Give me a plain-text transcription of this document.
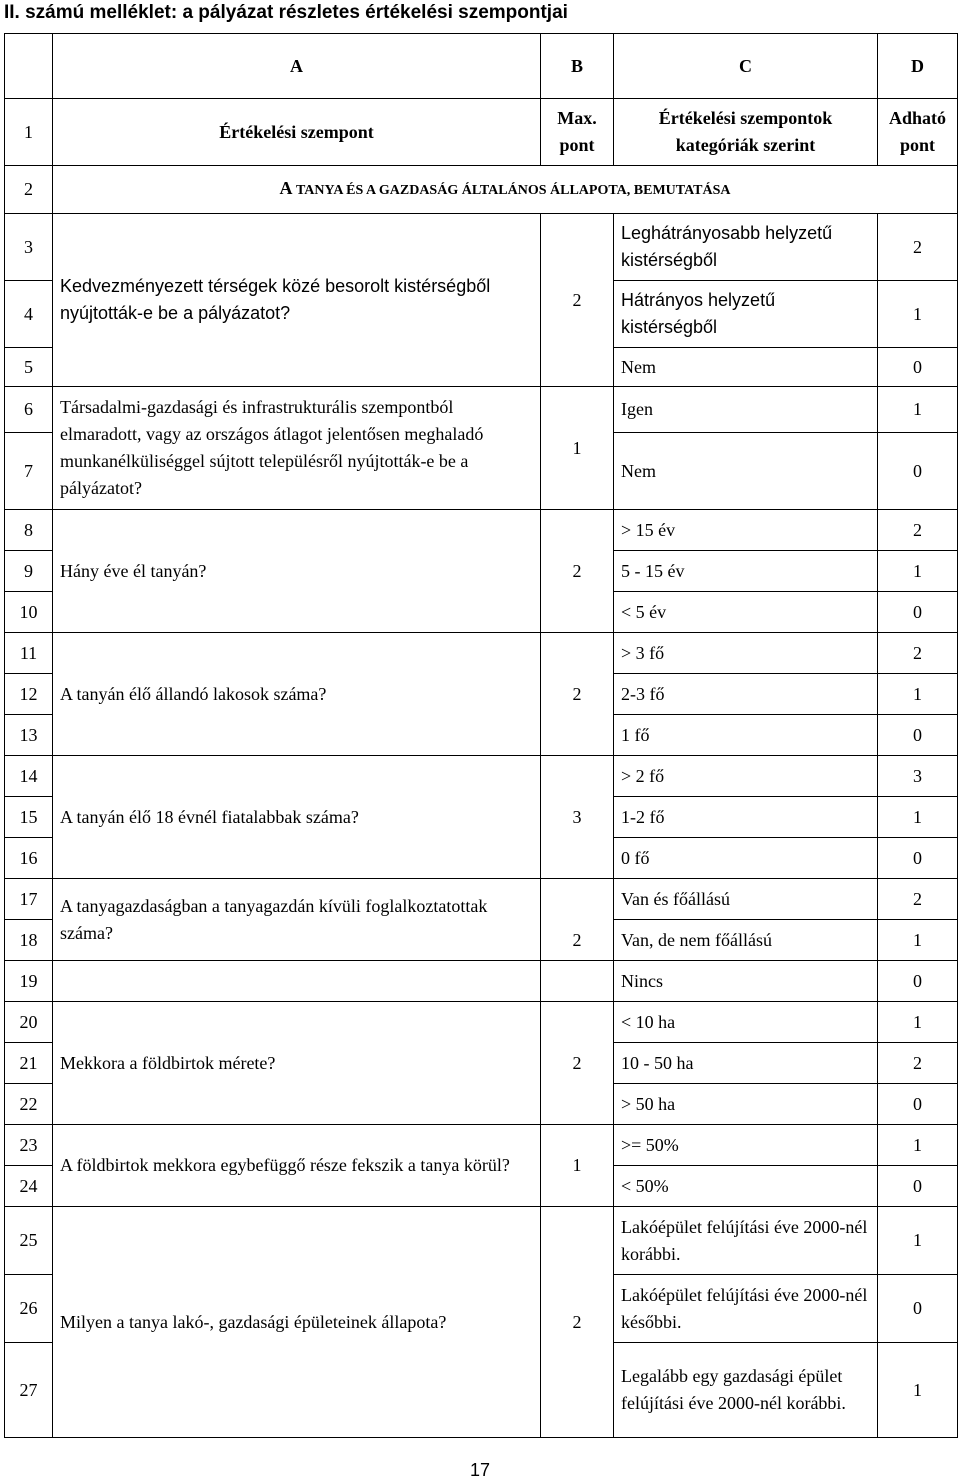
II. számú melléklet: a pályázat részletes értékelési szempontjai
	A	B	C	D
1	Értékelési szempont	Max. pont	Értékelési szempontok kategóriák szerint	Adható pont
2	A TANYA ÉS A GAZDASÁG ÁLTALÁNOS ÁLLAPOTA, BEMUTATÁSA			
3	Kedvezményezett térségek közé besorolt kistérségből nyújtották-e be a pályázatot?	2	Leghátrányosabb helyzetű kistérségből	2
4			Hátrányos helyzetű kistérségből	1
5			Nem	0
6	Társadalmi-gazdasági és infrastrukturális szempontból elmaradott, vagy az országos átlagot jelentősen meghaladó munkanélküliséggel sújtott településről nyújtották-e be a pályázatot?	1	Igen	1
7			Nem	0
8	Hány éve él tanyán?	2	> 15 év	2
9			5 - 15 év	1
10			< 5 év	0
11	A tanyán élő állandó lakosok száma?	2	> 3 fő	2
12			2-3 fő	1
13			1 fő	0
14	A tanyán élő 18 évnél fiatalabbak száma?	3	> 2 fő	3
15			1-2 fő	1
16			0 fő	0
17	A tanyagazdaságban a tanyagazdán kívüli foglalkoztatottak száma?	2	Van és főállású	2
18			Van, de nem főállású	1
19			Nincs	0
20	Mekkora a földbirtok mérete?	2	< 10 ha	1
21			10 - 50 ha	2
22			> 50 ha	0
23	A földbirtok mekkora egybefüggő része fekszik a tanya körül?	1	>= 50%	1
24			< 50%	0
25	Milyen a tanya lakó-, gazdasági épületeinek állapota?	2	Lakóépület felújítási éve 2000-nél korábbi.	1
26			Lakóépület felújítási éve 2000-nél későbbi.	0
27			Legalább egy gazdasági épület felújítási éve 2000-nél korábbi.	1
17
